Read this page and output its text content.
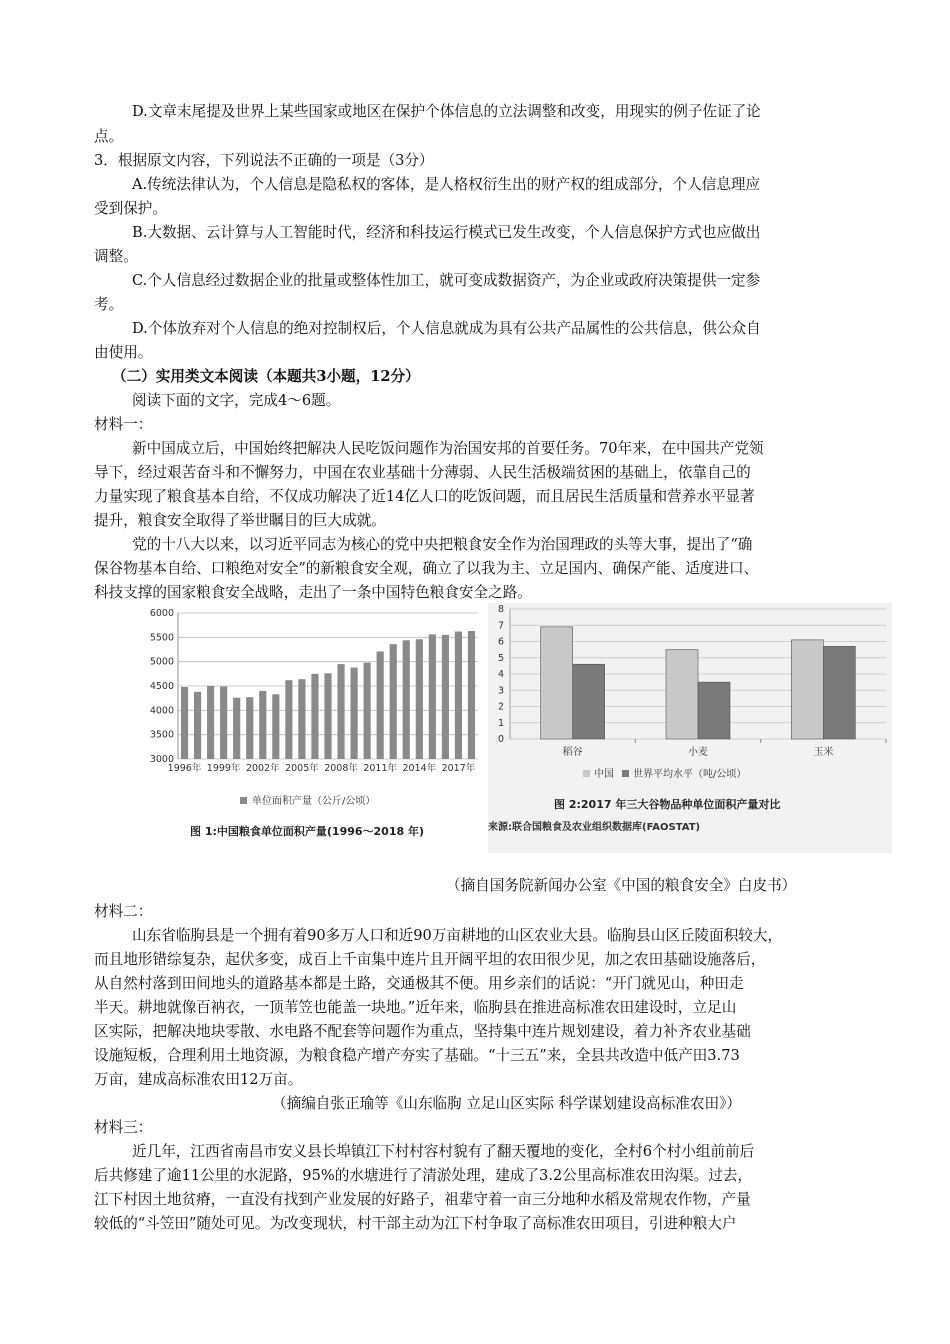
D.文章末尾提及世界上某些国家或地区在保护个体信息的立法调整和改变，用现实的例子佐证了论
点。
3．根据原文内容，下列说法不正确的一项是（3分）
A.传统法律认为，个人信息是隐私权的客体，是人格权衍生出的财产权的组成部分，个人信息理应
受到保护。
B.大数据、云计算与人工智能时代，经济和科技运行模式已发生改变，个人信息保护方式也应做出
调整。
C.个人信息经过数据企业的批量或整体性加工，就可变成数据资产，为企业或政府决策提供一定参
考。
D.个体放弃对个人信息的绝对控制权后，个人信息就成为具有公共产品属性的公共信息，供公众自
由使用。
（二）实用类文本阅读（本题共3小题，12分）
阅读下面的文字，完成4～6题。
材料一：
新中国成立后，中国始终把解决人民吃饭问题作为治国安邦的首要任务。70年来，在中国共产党领
导下，经过艰苦奋斗和不懈努力，中国在农业基础十分薄弱、人民生活极端贫困的基础上，依靠自己的
力量实现了粮食基本自给，不仅成功解决了近14亿人口的吃饭问题，而且居民生活质量和营养水平显著
提升，粮食安全取得了举世瞩目的巨大成就。
党的十八大以来，以习近平同志为核心的党中央把粮食安全作为治国理政的头等大事，提出了“确
保谷物基本自给、口粮绝对安全”的新粮食安全观，确立了以我为主、立足国内、确保产能、适度进口、
科技支撑的国家粮食安全战略，走出了一条中国特色粮食安全之路。
3000
3500
4000
4500
5000
5500
6000
1996年 1999年 2002年 2005年 2008年 2011年 2014年 2017年
单位面积产量（公斤/公顷）
图 1:中国粮食单位面积产量(1996～2018 年)
0
1
2
3
4
5
6
7
8
稻谷	小麦	玉米
中国 世界平均水平（吨/公顷）
图 2:2017 年三大谷物品种单位面积产量对比
来源:联合国粮食及农业组织数据库(FAOSTAT)
（摘自国务院新闻办公室《中国的粮食安全》白皮书）
材料二：
山东省临朐县是一个拥有着90多万人口和近90万亩耕地的山区农业大县。临朐县山区丘陵面积较大，
而且地形错综复杂，起伏多变，成百上千亩集中连片且开阔平坦的农田很少见，加之农田基础设施落后，
从自然村落到田间地头的道路基本都是土路，交通极其不便。用乡亲们的话说：“开门就见山，种田走
半天。耕地就像百衲衣，一顶苇笠也能盖一块地。”近年来，临朐县在推进高标准农田建设时，立足山
区实际，把解决地块零散、水电路不配套等问题作为重点，坚持集中连片规划建设，着力补齐农业基础
设施短板，合理利用土地资源，为粮食稳产增产夯实了基础。“十三五”来，全县共改造中低产田3.73
万亩，建成高标准农田12万亩。
（摘编自张正瑜等《山东临朐 立足山区实际 科学谋划建设高标准农田》）
材料三：
近几年，江西省南昌市安义县长埠镇江下村村容村貌有了翻天覆地的变化，全村6个村小组前前后
后共修建了逾11公里的水泥路，95%的水塘进行了清淤处理，建成了3.2公里高标准农田沟渠。过去，
江下村因土地贫瘠，一直没有找到产业发展的好路子，祖辈守着一亩三分地种水稻及常规农作物，产量
较低的“斗笠田”随处可见。为改变现状，村干部主动为江下村争取了高标准农田项目，引进种粮大户
